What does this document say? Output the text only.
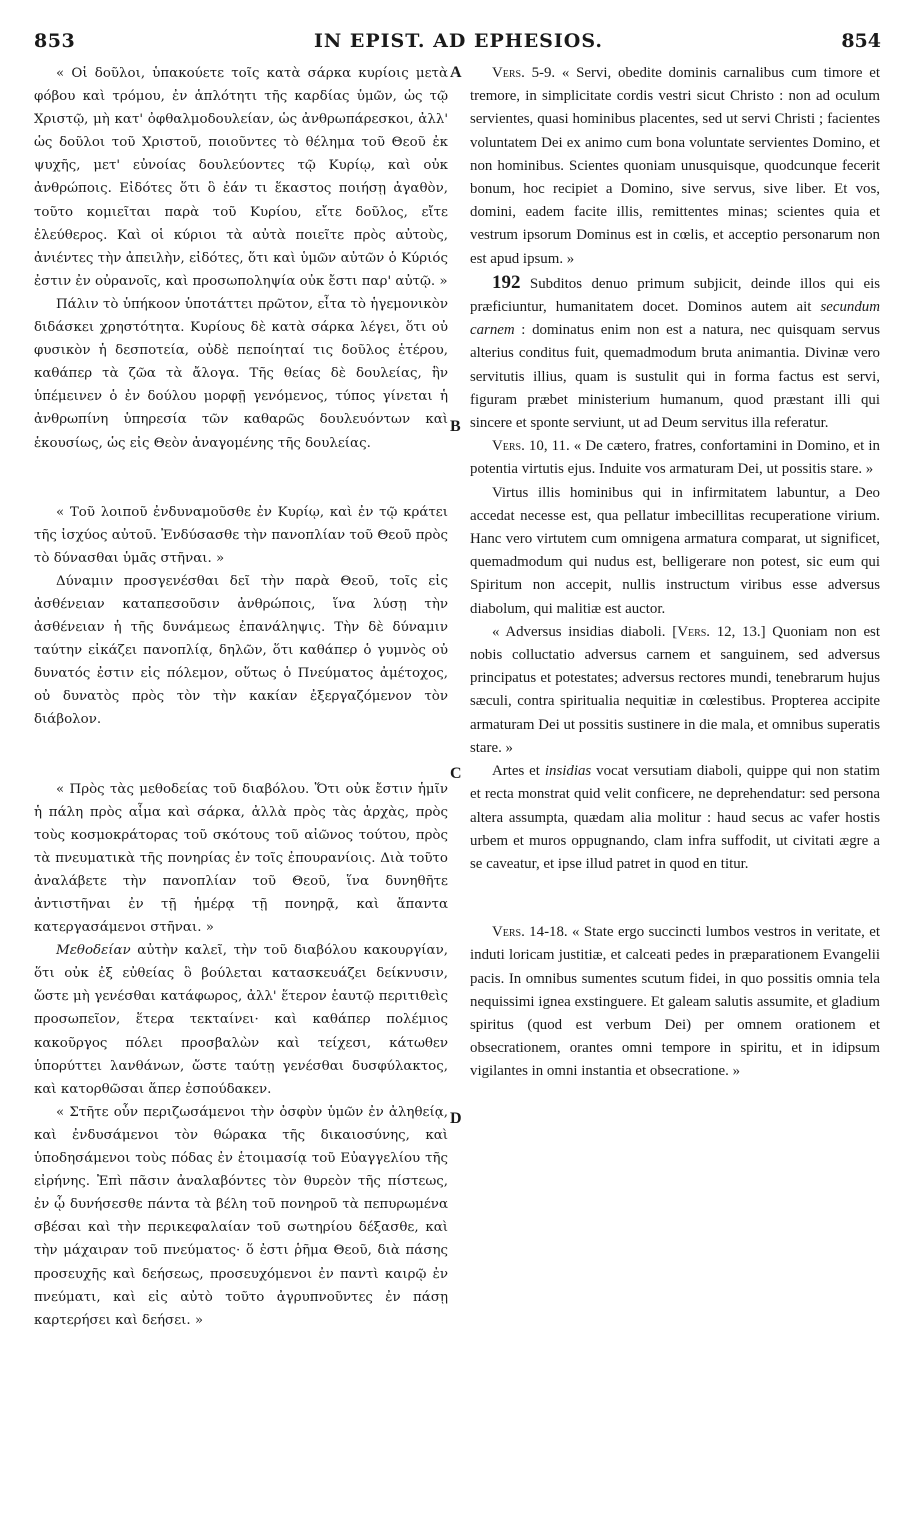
853	IN EPIST. AD EPHESIOS.	854
A
B
C
D

« Οἱ δοῦλοι, ὑπακούετε τοῖς κατὰ σάρκα κυρίοις μετὰ φόβου καὶ τρόμου, ἐν ἁπλότητι τῆς καρδίας ὑμῶν, ὡς τῷ Χριστῷ, μὴ κατ' ὀφθαλμοδουλείαν, ὡς ἀνθρωπάρεσκοι, ἀλλ' ὡς δοῦλοι τοῦ Χριστοῦ, ποιοῦντες τὸ θέλημα τοῦ Θεοῦ ἐκ ψυχῆς, μετ' εὐνοίας δουλεύοντες τῷ Κυρίῳ, καὶ οὐκ ἀνθρώποις. Εἰδότες ὅτι ὃ ἐάν τι ἕκαστος ποιήσῃ ἀγαθὸν, τοῦτο κομιεῖται παρὰ τοῦ Κυρίου, εἴτε δοῦλος, εἴτε ἐλεύθερος. Καὶ οἱ κύριοι τὰ αὐτὰ ποιεῖτε πρὸς αὐτοὺς, ἀνιέντες τὴν ἀπειλὴν, εἰδότες, ὅτι καὶ ὑμῶν αὐτῶν ὁ Κύριός ἐστιν ἐν οὐρανοῖς, καὶ προσωποληψία οὐκ ἔστι παρ' αὐτῷ. »

Πάλιν τὸ ὑπήκοον ὑποτάττει πρῶτον, εἶτα τὸ ἡγεμονικὸν διδάσκει χρηστότητα. Κυρίους δὲ κατὰ σάρκα λέγει, ὅτι οὐ φυσικὸν ἡ δεσποτεία, οὐδὲ πεποίηταί τις δοῦλος ἑτέρου, καθάπερ τὰ ζῶα τὰ ἄλογα. Τῆς θείας δὲ δουλείας, ἣν ὑπέμεινεν ὁ ἐν δούλου μορφῇ γενόμενος, τύπος γίνεται ἡ ἀνθρωπίνη ὑπηρεσία τῶν καθαρῶς δουλευόντων καὶ ἑκουσίως, ὡς εἰς Θεὸν ἀναγομένης τῆς δουλείας.

« Τοῦ λοιποῦ ἐνδυναμοῦσθε ἐν Κυρίῳ, καὶ ἐν τῷ κράτει τῆς ἰσχύος αὐτοῦ. Ἐνδύσασθε τὴν πανοπλίαν τοῦ Θεοῦ πρὸς τὸ δύνασθαι ὑμᾶς στῆναι. »

Δύναμιν προσγενέσθαι δεῖ τὴν παρὰ Θεοῦ, τοῖς εἰς ἀσθένειαν καταπεσοῦσιν ἀνθρώποις, ἵνα λύσῃ τὴν ἀσθένειαν ἡ τῆς δυνάμεως ἐπανάληψις. Τὴν δὲ δύναμιν ταύτην εἰκάζει πανοπλίᾳ, δηλῶν, ὅτι καθάπερ ὁ γυμνὸς οὐ δυνατός ἐστιν εἰς πόλεμον, οὕτως ὁ Πνεύματος ἀμέτοχος, οὐ δυνατὸς πρὸς τὸν τὴν κακίαν ἐξεργαζόμενον τὸν διάβολον.

« Πρὸς τὰς μεθοδείας τοῦ διαβόλου. Ὅτι οὐκ ἔστιν ἡμῖν ἡ πάλη πρὸς αἷμα καὶ σάρκα, ἀλλὰ πρὸς τὰς ἀρχὰς, πρὸς τοὺς κοσμοκράτορας τοῦ σκότους τοῦ αἰῶνος τούτου, πρὸς τὰ πνευματικὰ τῆς πονηρίας ἐν τοῖς ἐπουρανίοις. Διὰ τοῦτο ἀναλάβετε τὴν πανοπλίαν τοῦ Θεοῦ, ἵνα δυνηθῆτε ἀντιστῆναι ἐν τῇ ἡμέρᾳ τῇ πονηρᾷ, καὶ ἅπαντα κατεργασάμενοι στῆναι. »

Μεθοδείαν αὐτὴν καλεῖ, τὴν τοῦ διαβόλου κακουργίαν, ὅτι οὐκ ἐξ εὐθείας ὃ βούλεται κατασκευάζει δείκνυσιν, ὥστε μὴ γενέσθαι κατάφωρος, ἀλλ' ἕτερον ἑαυτῷ περιτιθεὶς προσωπεῖον, ἕτερα τεκταίνει· καὶ καθάπερ πολέμιος κακοῦργος πόλει προσβαλὼν καὶ τείχεσι, κάτωθεν ὑπορύττει λανθάνων, ὥστε ταύτῃ γενέσθαι δυσφύλακτος, καὶ κατορθῶσαι ἅπερ ἐσπούδακεν.

« Στῆτε οὖν περιζωσάμενοι τὴν ὀσφὺν ὑμῶν ἐν ἀληθείᾳ, καὶ ἐνδυσάμενοι τὸν θώρακα τῆς δικαιοσύνης, καὶ ὑποδησάμενοι τοὺς πόδας ἐν ἑτοιμασίᾳ τοῦ Εὐαγγελίου τῆς εἰρήνης. Ἐπὶ πᾶσιν ἀναλαβόντες τὸν θυρεὸν τῆς πίστεως, ἐν ᾧ δυνήσεσθε πάντα τὰ βέλη τοῦ πονηροῦ τὰ πεπυρωμένα σβέσαι καὶ τὴν περικεφαλαίαν τοῦ σωτηρίου δέξασθε, καὶ τὴν μάχαιραν τοῦ πνεύματος· ὅ ἐστι ῥῆμα Θεοῦ, διὰ πάσης προσευχῆς καὶ δεήσεως, προσευχόμενοι ἐν παντὶ καιρῷ ἐν πνεύματι, καὶ εἰς αὐτὸ τοῦτο ἀγρυπνοῦντες ἐν πάσῃ καρτερήσει καὶ δεήσει. »

Vers. 5-9. « Servi, obedite dominis carnalibus cum timore et tremore, in simplicitate cordis vestri sicut Christo : non ad oculum servientes, quasi hominibus placentes, sed ut servi Christi ; facientes voluntatem Dei ex animo cum bona voluntate servientes Domino, et non hominibus. Scientes quoniam unusquisque, quodcunque fecerit bonum, hoc recipiet a Domino, sive servus, sive liber. Et vos, domini, eadem facite illis, remittentes minas; scientes quia et vestrum ipsorum Dominus est in cœlis, et acceptio personarum non est apud ipsum. »

192 Subditos denuo primum subjicit, deinde illos qui eis præficiuntur, humanitatem docet. Dominos autem ait secundum carnem : dominatus enim non est a natura, nec quisquam servus alterius conditus fuit, quemadmodum bruta animantia. Divinæ vero servitutis illius, quam is sustulit qui in forma factus est servi, figuram præbet ministerium humanum, quod præstant illi qui sincere et sponte serviunt, ut ad Deum servitus illa referatur.

Vers. 10, 11. « De cætero, fratres, confortamini in Domino, et in potentia virtutis ejus. Induite vos armaturam Dei, ut possitis stare. »

Virtus illis hominibus qui in infirmitatem labuntur, a Deo accedat necesse est, qua pellatur imbecillitas recuperatione virium. Hanc vero virtutem cum omnigena armatura comparat, ut significet, quemadmodum qui nudus est, belligerare non potest, sic eum qui Spiritum non accepit, nullis instructum viribus esse adversus diabolum, qui malitiæ est auctor.

« Adversus insidias diaboli. [Vers. 12, 13.] Quoniam non est nobis colluctatio adversus carnem et sanguinem, sed adversus principatus et potestates; adversus rectores mundi, tenebrarum hujus sæculi, contra spiritualia nequitiæ in cœlestibus. Propterea accipite armaturam Dei ut possitis sustinere in die mala, et omnibus superatis stare. »

Artes et insidias vocat versutiam diaboli, quippe qui non statim et recta monstrat quid velit conficere, ne deprehendatur: sed persona altera assumpta, quædam alia molitur : haud secus ac vafer hostis urbem et muros oppugnando, clam infra suffodit, ut civitati ægre a se caveatur, et ipse illud patret in quod en titur.

Vers. 14-18. « State ergo succincti lumbos vestros in veritate, et induti loricam justitiæ, et calceati pedes in præparationem Evangelii pacis. In omnibus sumentes scutum fidei, in quo possitis omnia tela nequissimi ignea exstinguere. Et galeam salutis assumite, et gladium spiritus (quod est verbum Dei) per omnem orationem et obsecrationem, orantes omni tempore in spiritu, et in idipsum vigilantes in omni instantia et obsecratione. »
